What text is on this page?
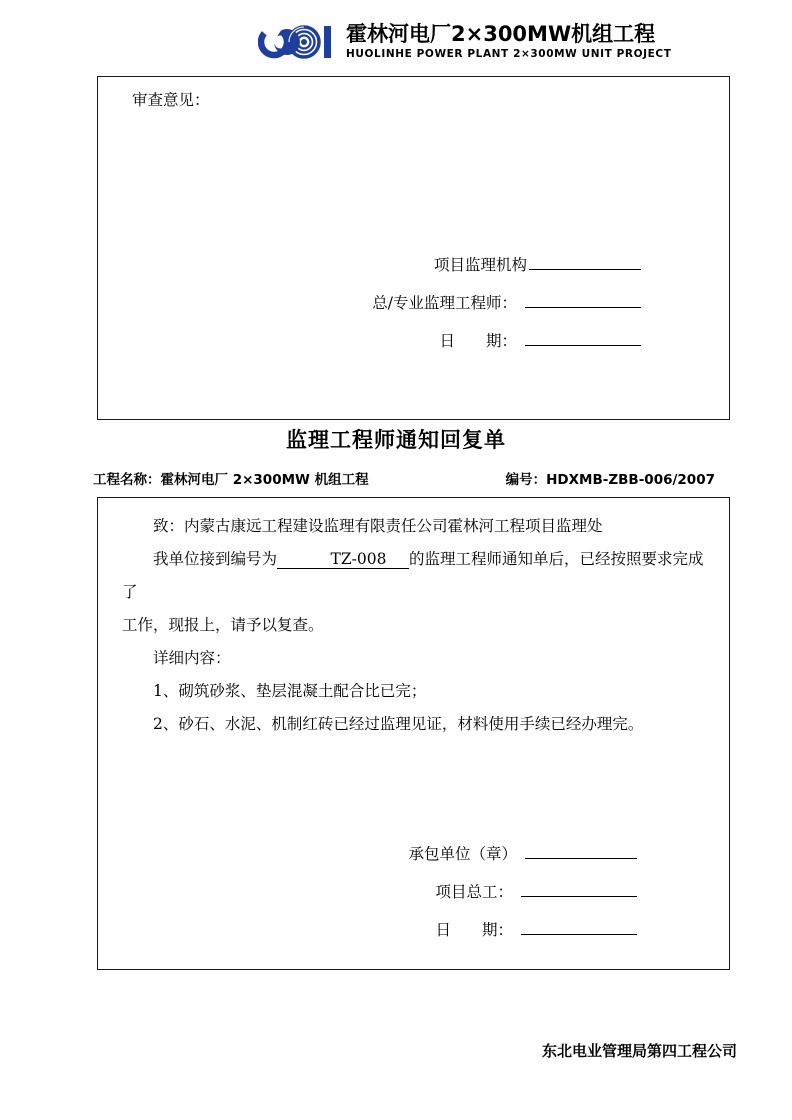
霍林河电厂2×300MW机组工程
HUOLINHE POWER PLANT 2×300MW UNIT PROJECT
审查意见：
项目监理机构
总/专业监理工程师：
日　　期：
监理工程师通知回复单
工程名称：霍林河电厂 2×300MW 机组工程	编号：HDXMB-ZBB-006/2007

致：内蒙古康远工程建设监理有限责任公司霍林河工程项目监理处

我单位接到编号为	TZ-008 的监理工程师通知单后，已经按照要求完成了

工作，现报上，请予以复查。

详细内容：

1、砌筑砂浆、垫层混凝土配合比已完；

2、砂石、水泥、机制红砖已经过监理见证，材料使用手续已经办理完。

承包单位（章）
项目总工：
日　　期：
东北电业管理局第四工程公司
